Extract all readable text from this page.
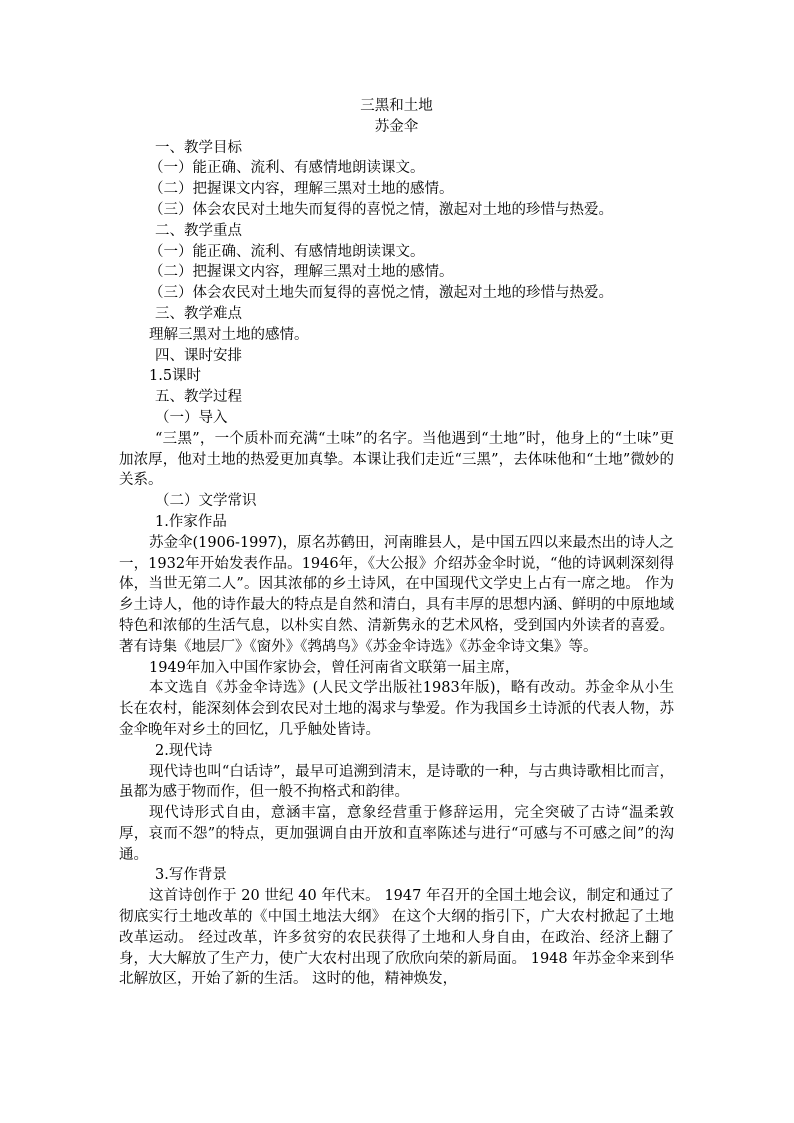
三黑和土地
苏金伞
一、教学目标
（一）能正确、流利、有感情地朗读课文。
（二）把握课文内容，理解三黑对土地的感情。
（三）体会农民对土地失而复得的喜悦之情，激起对土地的珍惜与热爱。
二、教学重点
（一）能正确、流利、有感情地朗读课文。
（二）把握课文内容，理解三黑对土地的感情。
（三）体会农民对土地失而复得的喜悦之情，激起对土地的珍惜与热爱。
三、教学难点
理解三黑对土地的感情。
四、课时安排
1.5课时
五、教学过程
（一）导入

“三黑”，一个质朴而充满“土味”的名字。当他遇到“土地”时，他身上的“土味”更加浓厚，他对土地的热爱更加真挚。本课让我们走近“三黑”，去体味他和“土地”微妙的关系。

（二）文学常识
1.作家作品

苏金伞(1906-1997)，原名苏鹤田，河南睢县人，是中国五四以来最杰出的诗人之一，1932年开始发表作品。1946年，《大公报》介绍苏金伞时说，“他的诗讽刺深刻得体，当世无第二人”。因其浓郁的乡土诗风，在中国现代文学史上占有一席之地。 作为乡土诗人，他的诗作最大的特点是自然和清白，具有丰厚的思想内涵、鲜明的中原地域特色和浓郁的生活气息，以朴实自然、清新隽永的艺术风格，受到国内外读者的喜爱。著有诗集《地层厂》《窗外》《鹁鸪鸟》《苏金伞诗选》《苏金伞诗文集》等。

1949年加入中国作家协会，曾任河南省文联第一届主席，

本文选自《苏金伞诗选》(人民文学出版社1983年版)，略有改动。苏金伞从小生长在农村，能深刻体会到农民对土地的渴求与挚爱。作为我国乡土诗派的代表人物，苏金伞晚年对乡土的回忆，几乎触处皆诗。

2.现代诗

现代诗也叫“白话诗”，最早可追溯到清末，是诗歌的一种，与古典诗歌相比而言，虽都为感于物而作，但一般不拘格式和韵律。

现代诗形式自由，意涵丰富，意象经营重于修辞运用，完全突破了古诗“温柔敦厚，哀而不怨”的特点，更加强调自由开放和直率陈述与进行“可感与不可感之间”的沟通。

3.写作背景

这首诗创作于 20 世纪 40 年代末。 1947 年召开的全国土地会议，制定和通过了彻底实行土地改革的《中国土地法大纲》 在这个大纲的指引下，广大农村掀起了土地改革运动。 经过改革，许多贫穷的农民获得了土地和人身自由，在政治、经济上翻了身，大大解放了生产力，使广大农村出现了欣欣向荣的新局面。 1948 年苏金伞来到华北解放区，开始了新的生活。 这时的他，精神焕发，
